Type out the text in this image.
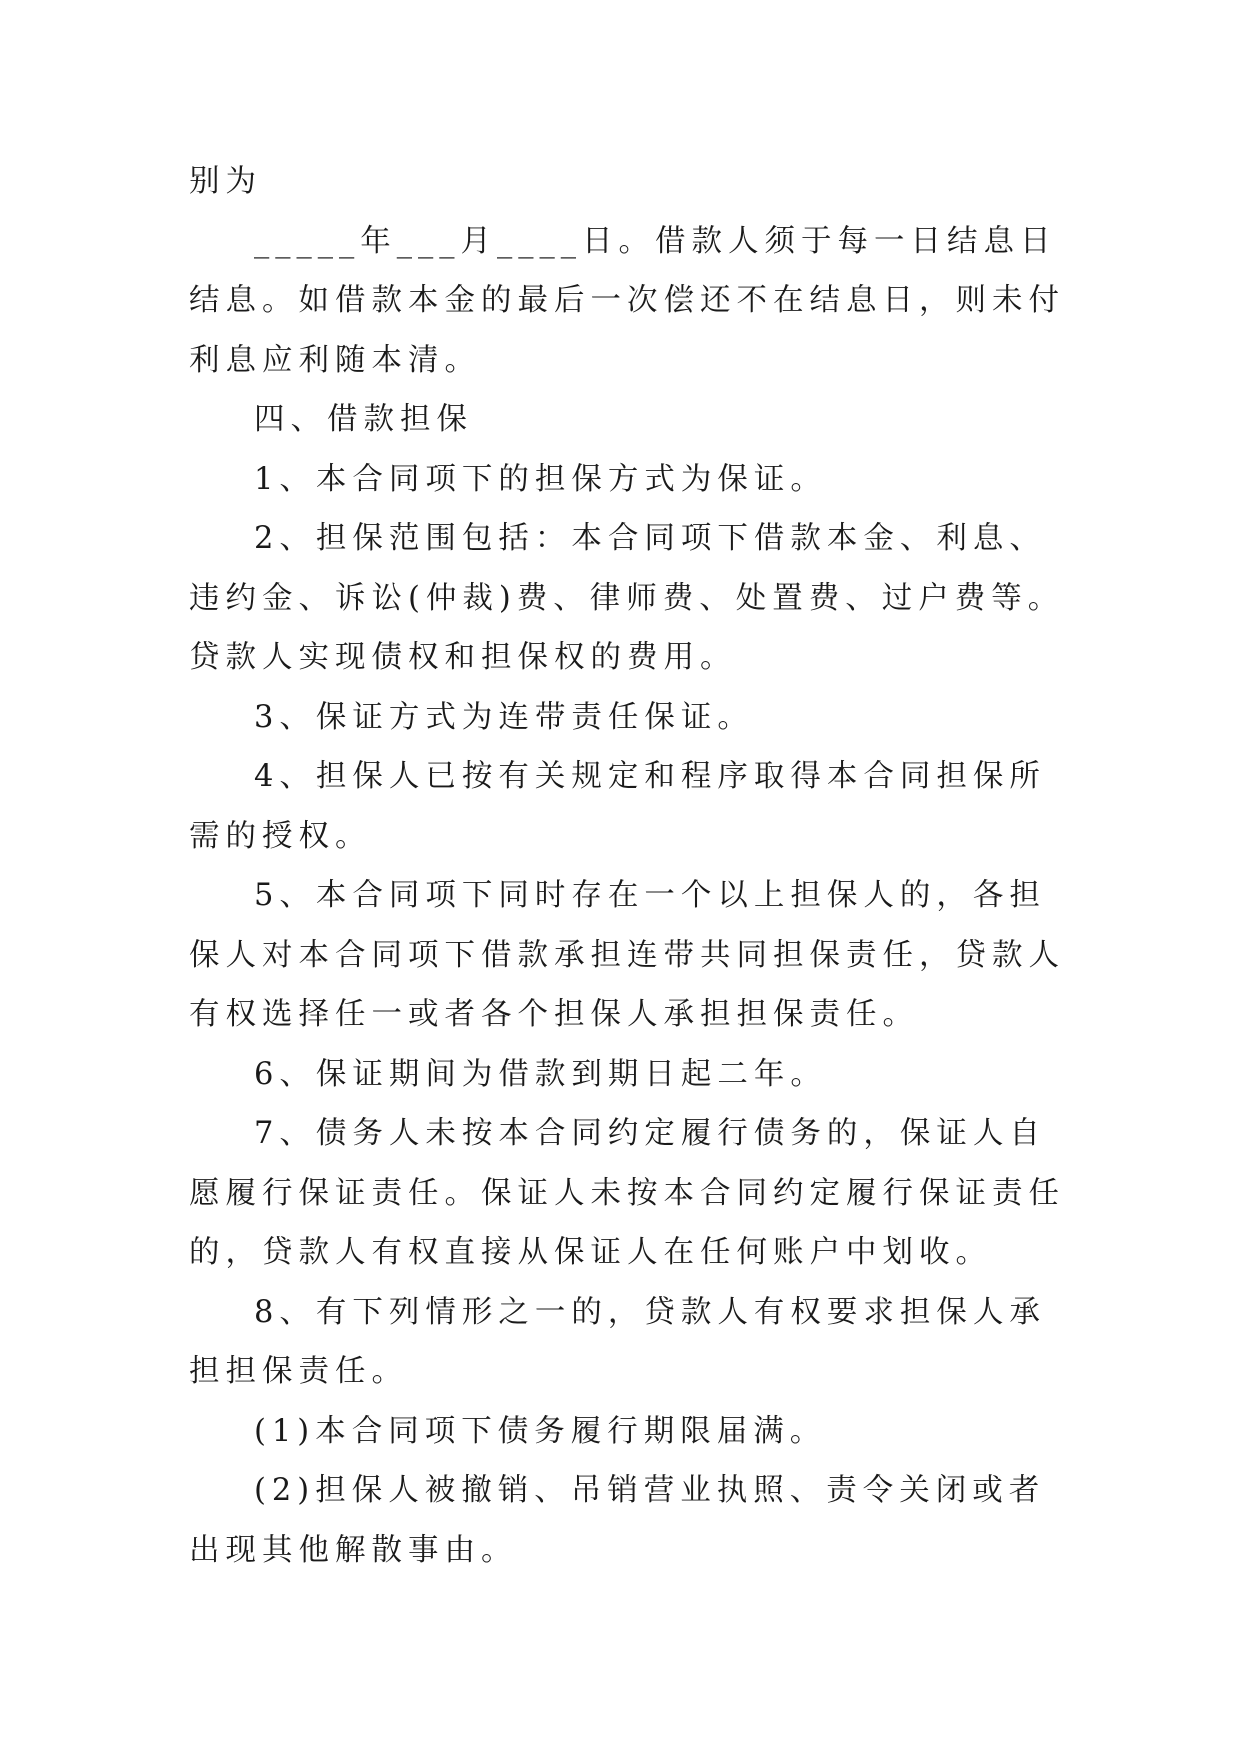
别为

_____年___月____日。借款人须于每一日结息日结息。如借款本金的最后一次偿还不在结息日，则未付利息应利随本清。

四、借款担保

1、本合同项下的担保方式为保证。

2、担保范围包括：本合同项下借款本金、利息、违约金、诉讼(仲裁)费、律师费、处置费、过户费等。贷款人实现债权和担保权的费用。

3、保证方式为连带责任保证。

4、担保人已按有关规定和程序取得本合同担保所需的授权。

5、本合同项下同时存在一个以上担保人的，各担保人对本合同项下借款承担连带共同担保责任，贷款人有权选择任一或者各个担保人承担担保责任。

6、保证期间为借款到期日起二年。

7、债务人未按本合同约定履行债务的，保证人自愿履行保证责任。保证人未按本合同约定履行保证责任的，贷款人有权直接从保证人在任何账户中划收。

8、有下列情形之一的，贷款人有权要求担保人承担担保责任。

(1)本合同项下债务履行期限届满。

(2)担保人被撤销、吊销营业执照、责令关闭或者出现其他解散事由。
